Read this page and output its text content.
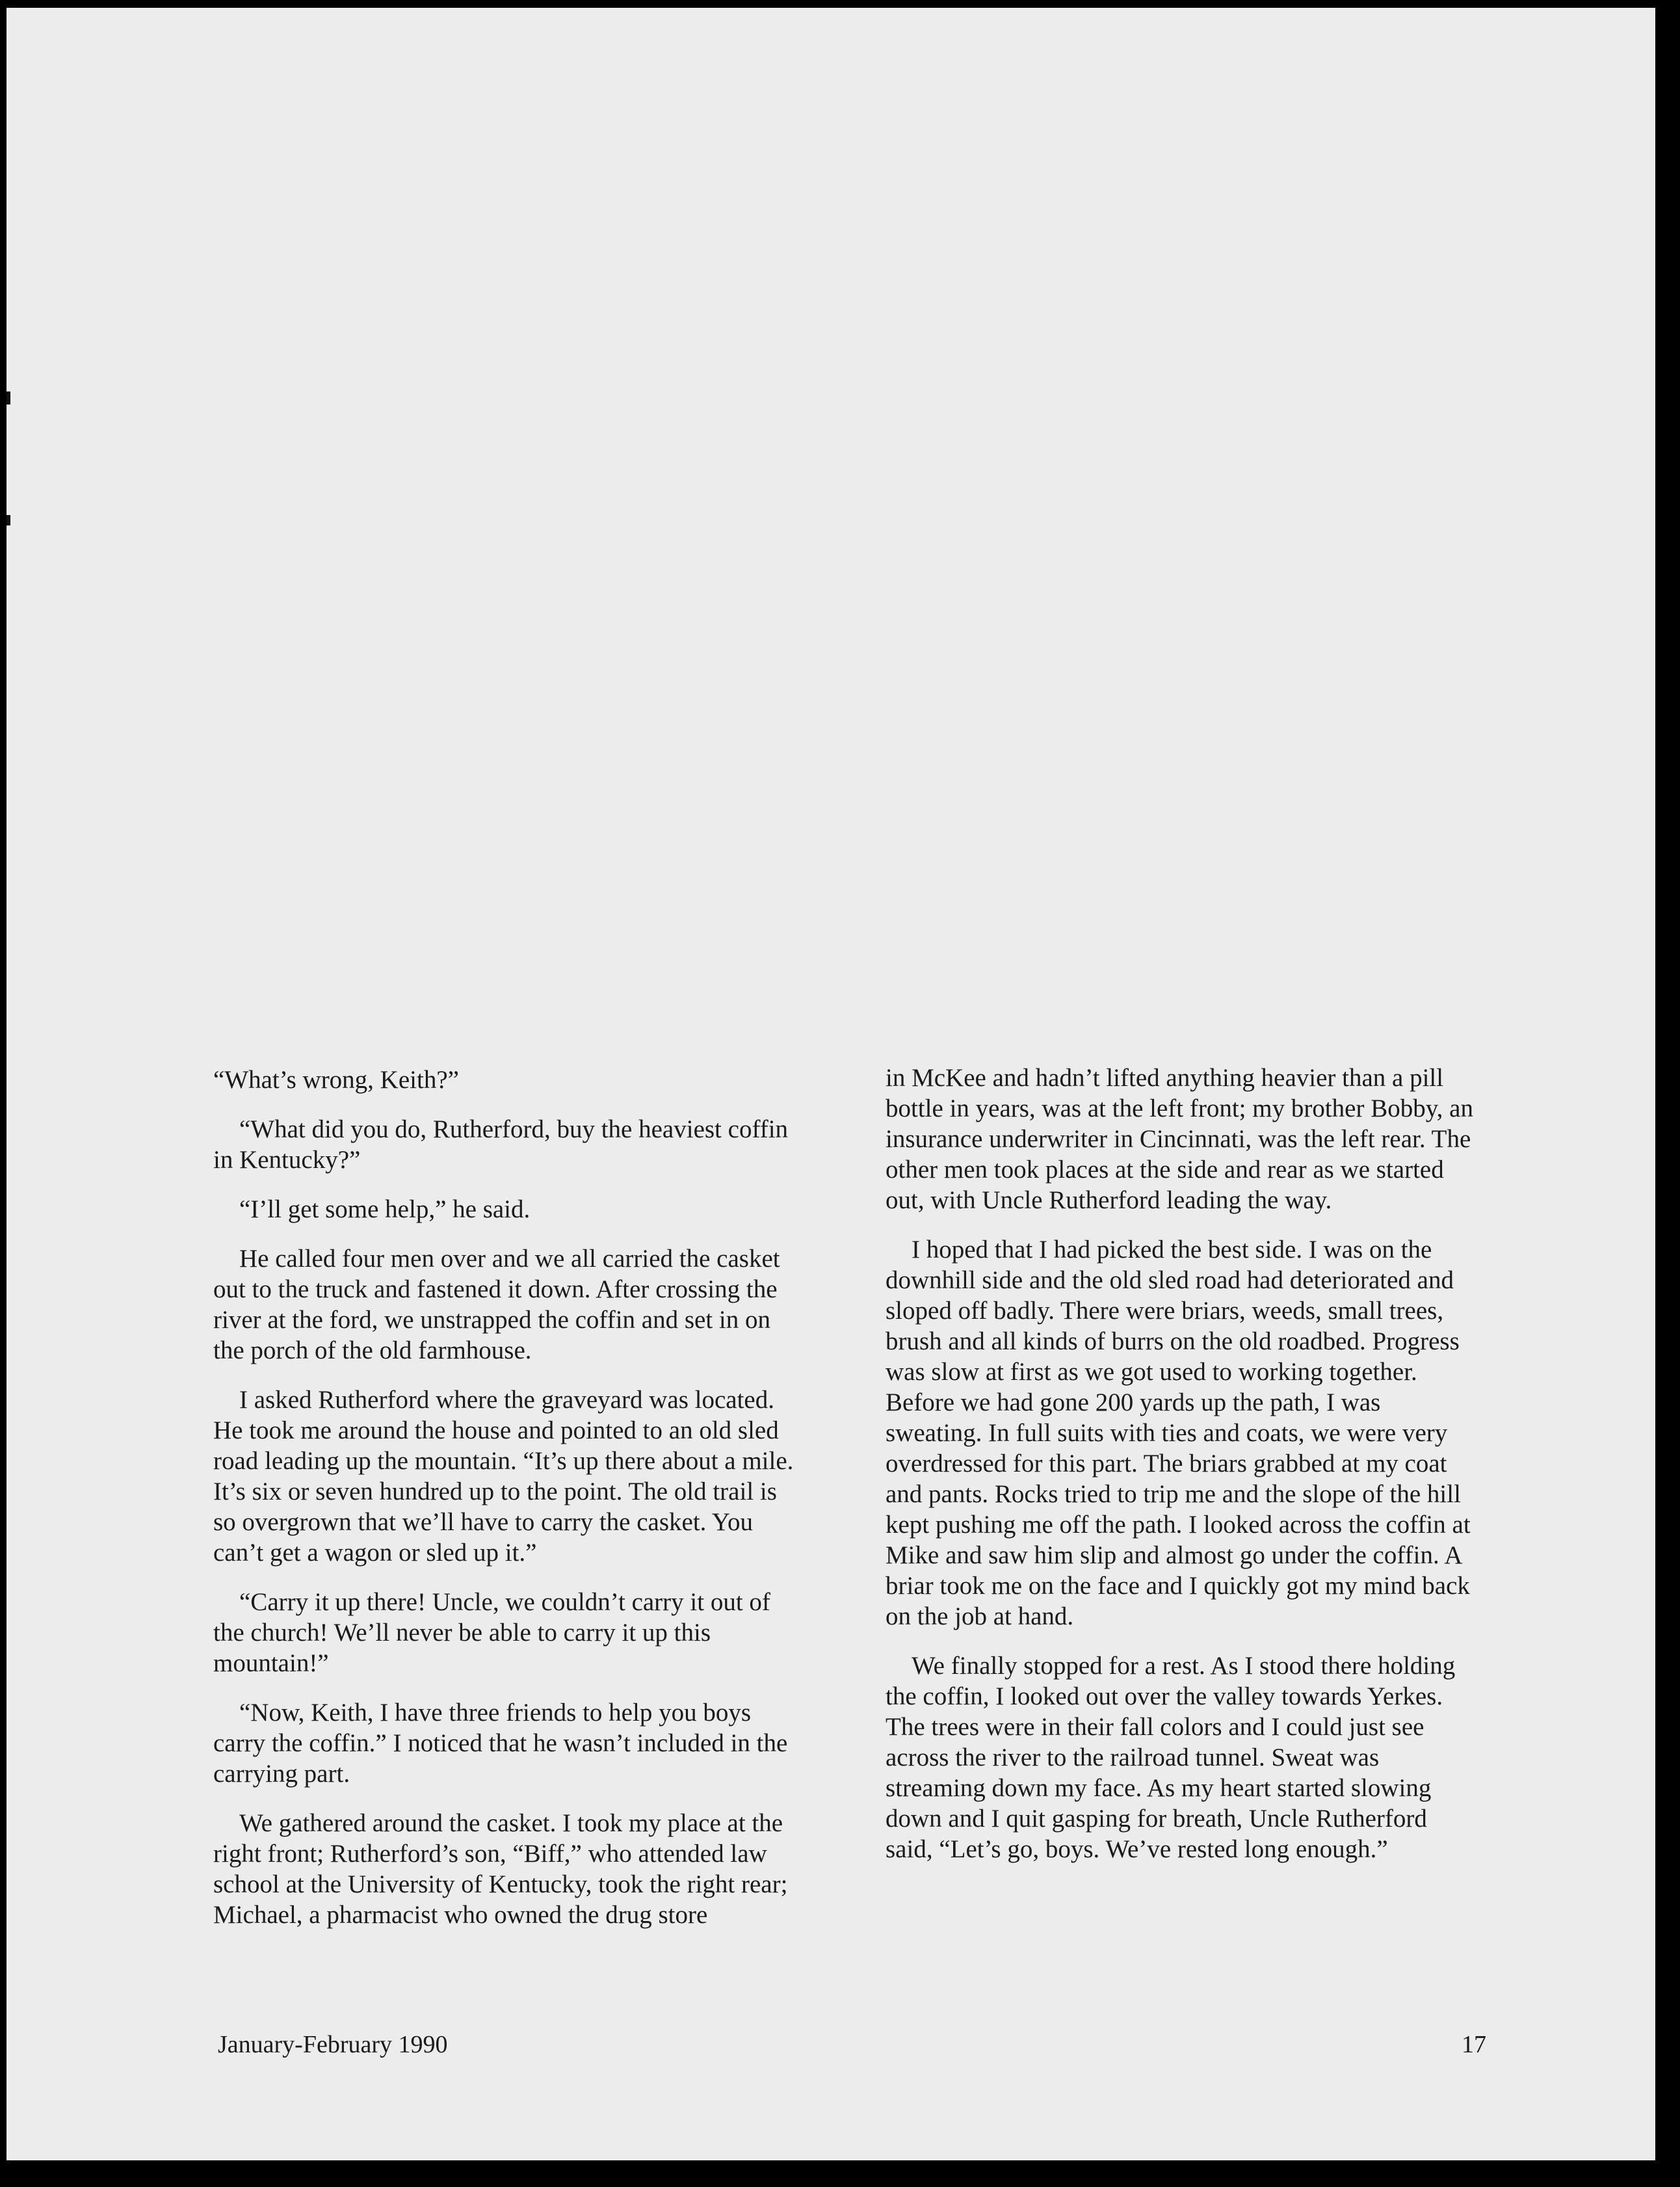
“What’s wrong, Keith?”

“What did you do, Rutherford, buy the heaviest coffin in Kentucky?”

“I’ll get some help,” he said.

He called four men over and we all carried the casket out to the truck and fastened it down. After crossing the river at the ford, we unstrapped the coffin and set in on the porch of the old farmhouse.

I asked Rutherford where the graveyard was located. He took me around the house and pointed to an old sled road leading up the mountain. “It’s up there about a mile. It’s six or seven hundred up to the point. The old trail is so overgrown that we’ll have to carry the casket. You can’t get a wagon or sled up it.”

“Carry it up there! Uncle, we couldn’t carry it out of the church! We’ll never be able to carry it up this mountain!”

“Now, Keith, I have three friends to help you boys carry the coffin.” I noticed that he wasn’t included in the carrying part.

We gathered around the casket. I took my place at the right front; Rutherford’s son, “Biff,” who attended law school at the University of Kentucky, took the right rear; Michael, a pharmacist who owned the drug store

in McKee and hadn’t lifted anything heavier than a pill bottle in years, was at the left front; my brother Bobby, an insurance underwriter in Cincinnati, was the left rear. The other men took places at the side and rear as we started out, with Uncle Rutherford leading the way.

I hoped that I had picked the best side. I was on the downhill side and the old sled road had deteriorated and sloped off badly. There were briars, weeds, small trees, brush and all kinds of burrs on the old roadbed. Progress was slow at first as we got used to working together. Before we had gone 200 yards up the path, I was sweating. In full suits with ties and coats, we were very overdressed for this part. The briars grabbed at my coat and pants. Rocks tried to trip me and the slope of the hill kept pushing me off the path. I looked across the coffin at Mike and saw him slip and almost go under the coffin. A briar took me on the face and I quickly got my mind back on the job at hand.

We finally stopped for a rest. As I stood there holding the coffin, I looked out over the valley towards Yerkes. The trees were in their fall colors and I could just see across the river to the railroad tunnel. Sweat was streaming down my face. As my heart started slowing down and I quit gasping for breath, Uncle Rutherford said, “Let’s go, boys. We’ve rested long enough.”

January-February 1990	17
